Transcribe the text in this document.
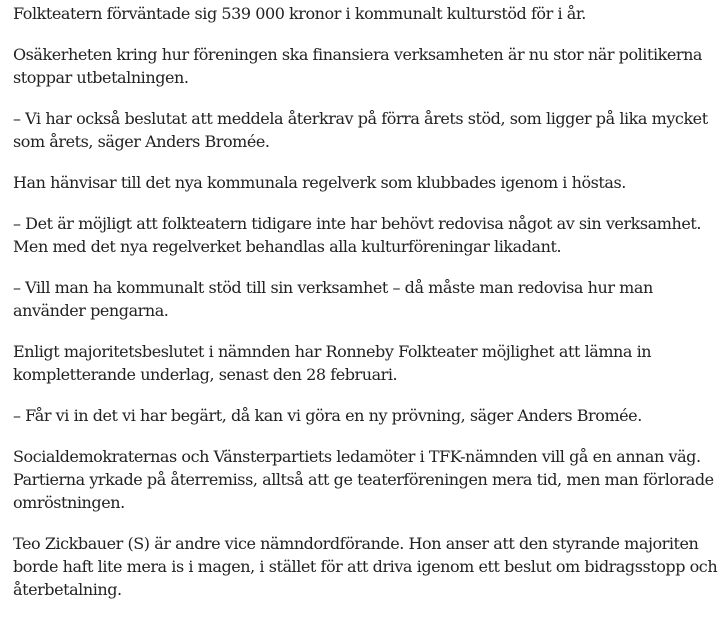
Folkteatern förväntade sig 539 000 kronor i kommunalt kulturstöd för i år.

Osäkerheten kring hur föreningen ska finansiera verksamheten är nu stor när politikerna stoppar utbetalningen.

– Vi har också beslutat att meddela återkrav på förra årets stöd, som ligger på lika mycket som årets, säger Anders Bromée.

Han hänvisar till det nya kommunala regelverk som klubbades igenom i höstas.

– Det är möjligt att folkteatern tidigare inte har behövt redovisa något av sin verksamhet. Men med det nya regelverket behandlas alla kulturföreningar likadant.

– Vill man ha kommunalt stöd till sin verksamhet – då måste man redovisa hur man använder pengarna.

Enligt majoritetsbeslutet i nämnden har Ronneby Folkteater möjlighet att lämna in kompletterande underlag, senast den 28 februari.

– Får vi in det vi har begärt, då kan vi göra en ny prövning, säger Anders Bromée.

Socialdemokraternas och Vänsterpartiets ledamöter i TFK-nämnden vill gå en annan väg. Partierna yrkade på återremiss, alltså att ge teaterföreningen mera tid, men man förlorade omröstningen.

Teo Zickbauer (S) är andre vice nämndordförande. Hon anser att den styrande majoriten borde haft lite mera is i magen, i stället för att driva igenom ett beslut om bidragsstopp och återbetalning.
